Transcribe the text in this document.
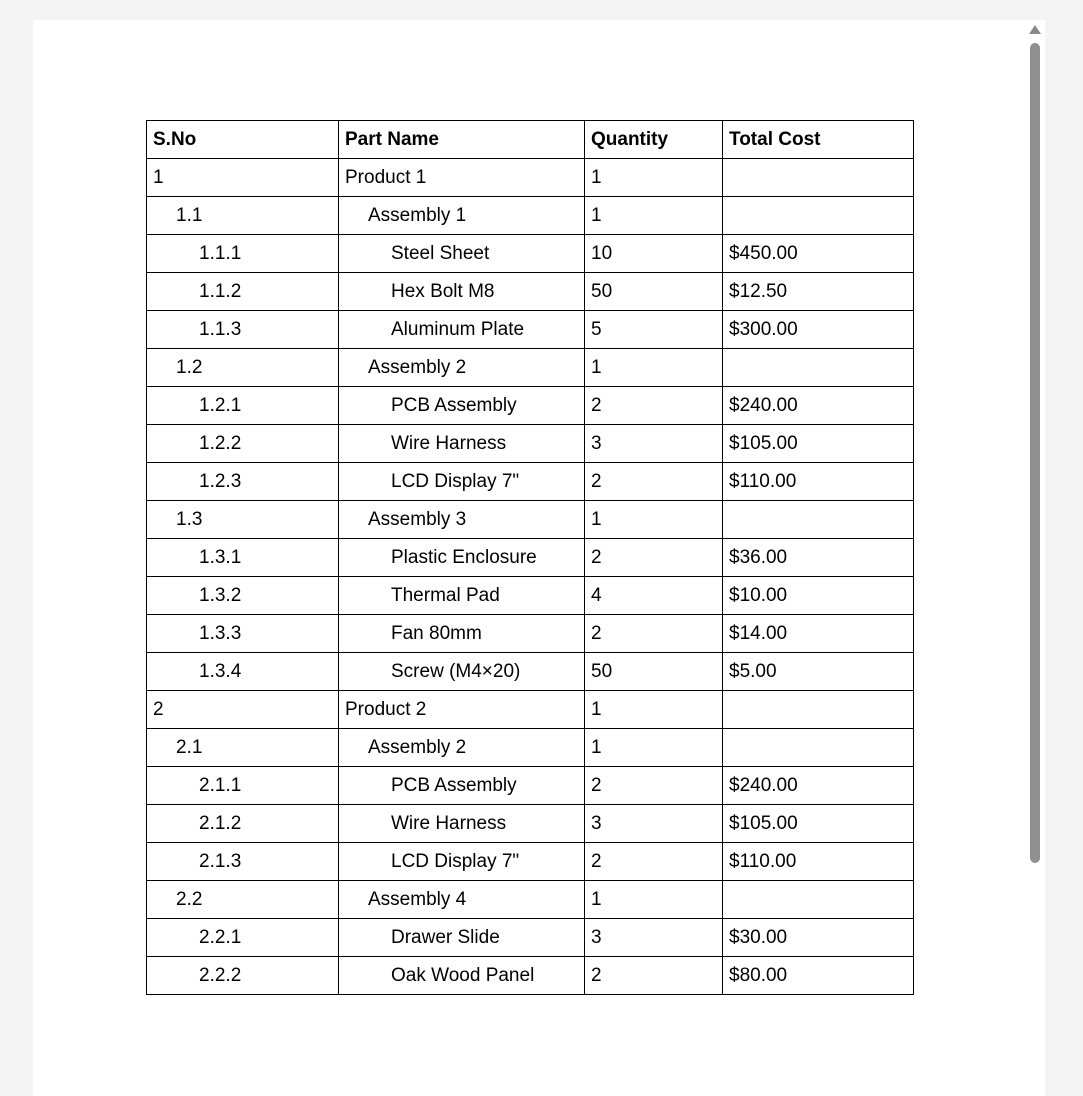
S.No	Part Name	Quantity	Total Cost
1	Product 1	1	
1.1	Assembly 1	1	
1.1.1	Steel Sheet	10	$450.00
1.1.2	Hex Bolt M8	50	$12.50
1.1.3	Aluminum Plate	5	$300.00
1.2	Assembly 2	1	
1.2.1	PCB Assembly	2	$240.00
1.2.2	Wire Harness	3	$105.00
1.2.3	LCD Display 7"	2	$110.00
1.3	Assembly 3	1	
1.3.1	Plastic Enclosure	2	$36.00
1.3.2	Thermal Pad	4	$10.00
1.3.3	Fan 80mm	2	$14.00
1.3.4	Screw (M4×20)	50	$5.00
2	Product 2	1	
2.1	Assembly 2	1	
2.1.1	PCB Assembly	2	$240.00
2.1.2	Wire Harness	3	$105.00
2.1.3	LCD Display 7"	2	$110.00
2.2	Assembly 4	1	
2.2.1	Drawer Slide	3	$30.00
2.2.2	Oak Wood Panel	2	$80.00
